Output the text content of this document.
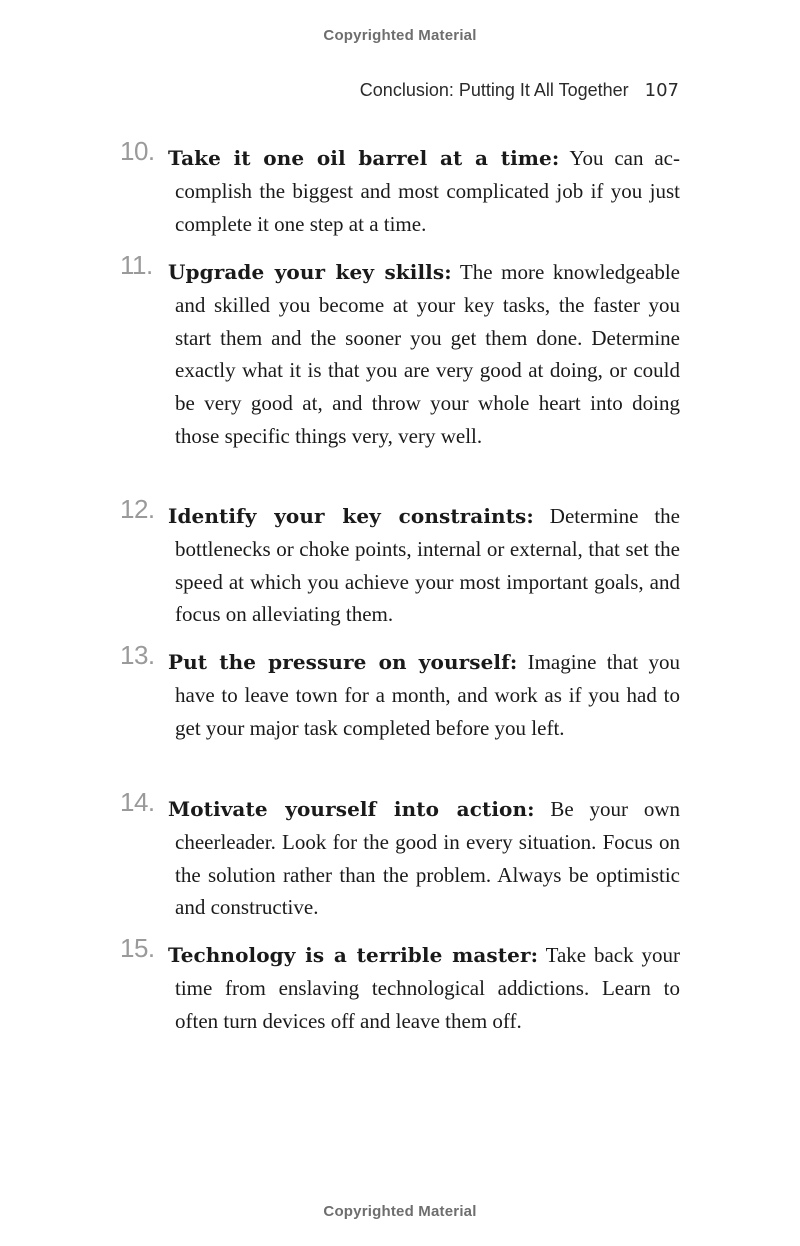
Copyrighted Material
Conclusion: Putting It All Together 107
10. Take it one oil barrel at a time: You can accomplish the biggest and most complicated job if you just complete it one step at a time.
11. Upgrade your key skills: The more knowledgeable and skilled you become at your key tasks, the faster you start them and the sooner you get them done. Determine exactly what it is that you are very good at doing, or could be very good at, and throw your whole heart into doing those specific things very, very well.
12. Identify your key constraints: Determine the bottlenecks or choke points, internal or external, that set the speed at which you achieve your most important goals, and focus on alleviating them.
13. Put the pressure on yourself: Imagine that you have to leave town for a month, and work as if you had to get your major task completed before you left.
14. Motivate yourself into action: Be your own cheerleader. Look for the good in every situation. Focus on the solution rather than the problem. Always be optimistic and constructive.
15. Technology is a terrible master: Take back your time from enslaving technological addictions. Learn to often turn devices off and leave them off.
Copyrighted Material
